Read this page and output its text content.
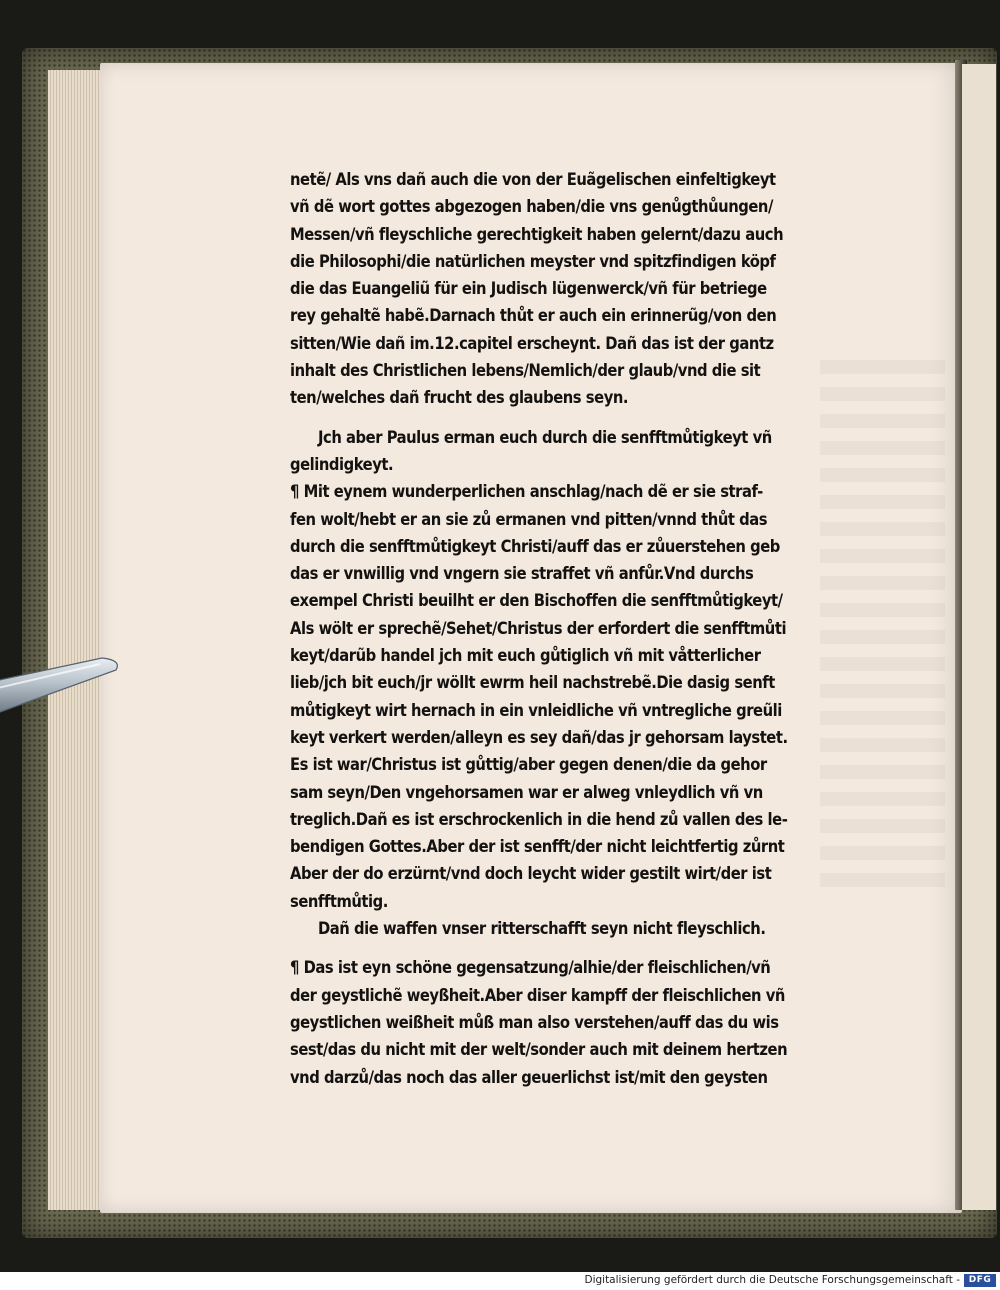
netẽ/ Als vns dañ auch die von der Euãgelischen einfeltigkeyt
vñ dẽ wort gottes abgezogen haben/die vns genůgthůungen/
Messen/vñ fleyschliche gerechtigkeit haben gelernt/dazu auch
die Philosophi/die natürlichen meyster vnd spitzfindigen köpf
die das Euangeliũ für ein Judisch lügenwerck/vñ für betriege
rey gehaltẽ habẽ.Darnach thůt er auch ein erinnerũg/von den
sitten/Wie dañ im.12.capitel erscheynt. Dañ das ist der gantz
inhalt des Christlichen lebens/Nemlich/der glaub/vnd die sit
ten/welches dañ frucht des glaubens seyn.
Jch aber Paulus erman euch durch die senfftmůtigkeyt vñ
gelindigkeyt.
¶ Mit eynem wunderperlichen anschlag/nach dẽ er sie straf-
fen wolt/hebt er an sie zů ermanen vnd pitten/vnnd thůt das
durch die senfftmůtigkeyt Christi/auff das er zůuerstehen geb
das er vnwillig vnd vngern sie straffet vñ anfůr.Vnd durchs
exempel Christi beuilht er den Bischoffen die senfftmůtigkeyt/
Als wölt er sprechẽ/Sehet/Christus der erfordert die senfftmůti
keyt/darũb handel jch mit euch gůtiglich vñ mit våtterlicher
lieb/jch bit euch/jr wöllt ewrm heil nachstrebẽ.Die dasig senft
můtigkeyt wirt hernach in ein vnleidliche vñ vntregliche greũli
keyt verkert werden/alleyn es sey dañ/das jr gehorsam laystet.
Es ist war/Christus ist gůttig/aber gegen denen/die da gehor
sam seyn/Den vngehorsamen war er alweg vnleydlich vñ vn
treglich.Dañ es ist erschrockenlich in die hend zů vallen des le-
bendigen Gottes.Aber der ist senfft/der nicht leichtfertig zůrnt
Aber der do erzürnt/vnd doch leycht wider gestilt wirt/der ist
senfftmůtig.
Dañ die waffen vnser ritterschafft seyn nicht fleyschlich.
¶ Das ist eyn schöne gegensatzung/alhie/der fleischlichen/vñ
der geystlichẽ weyßheit.Aber diser kampff der fleischlichen vñ
geystlichen weißheit můß man also verstehen/auff das du wis
sest/das du nicht mit der welt/sonder auch mit deinem hertzen
vnd darzů/das noch das aller geuerlichst ist/mit den geysten
Digitalisierung gefördert durch die Deutsche Forschungsgemeinschaft - DFG
